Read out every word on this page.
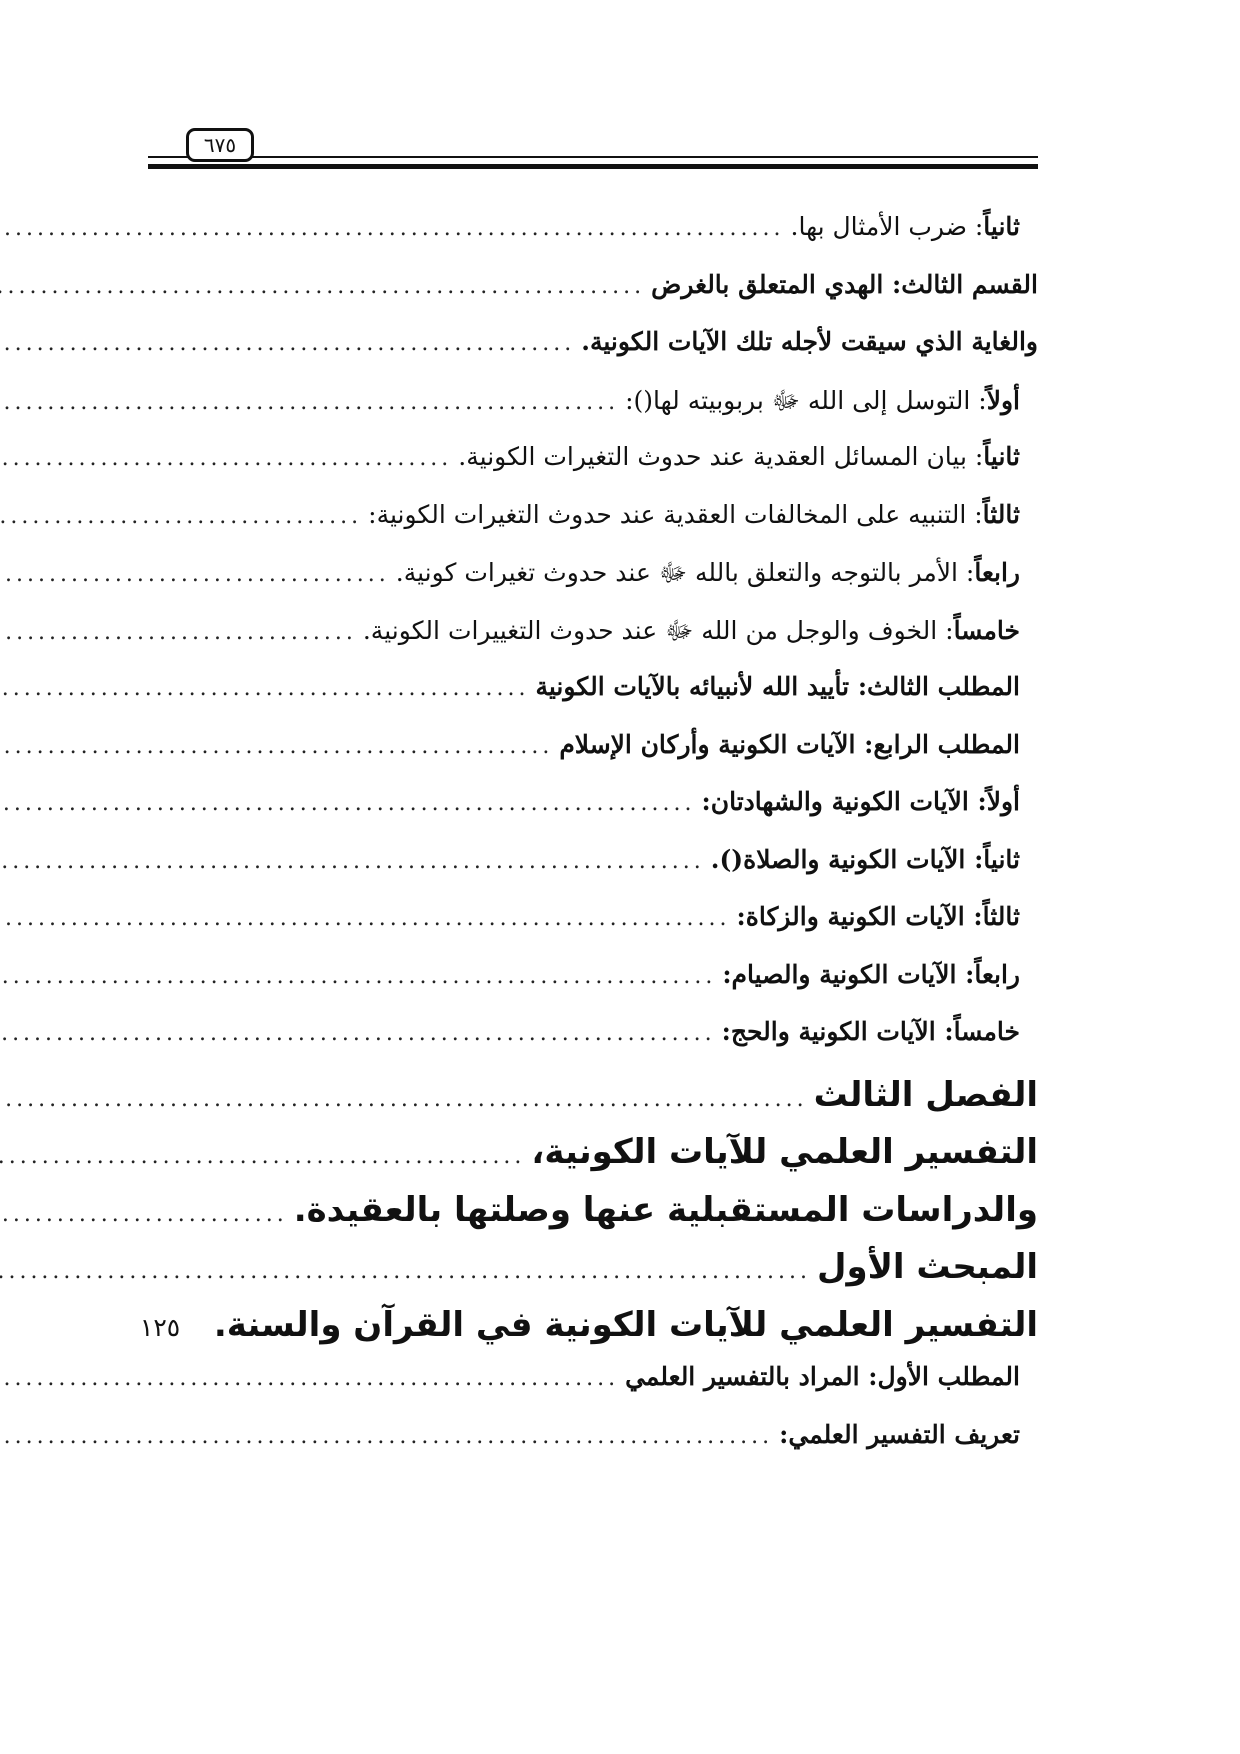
٦٧٥
ثانياً: ضرب الأمثال بها.
.....
القسم الثالث: الهدي المتعلق بالغرض
.....
والغاية الذي سيقت لأجله تلك الآيات الكونية.
.....
أولاً: التوسل إلى الله ﷻ بربوبيته لها():
.....
ثانياً: بيان المسائل العقدية عند حدوث التغيرات الكونية.
.....
ثالثاً: التنبيه على المخالفات العقدية عند حدوث التغيرات الكونية:
.....
رابعاً: الأمر بالتوجه والتعلق بالله ﷻ عند حدوث تغيرات كونية.
.....
خامساً: الخوف والوجل من الله ﷻ عند حدوث التغييرات الكونية.
.....
المطلب الثالث: تأييد الله لأنبيائه بالآيات الكونية
.....
المطلب الرابع: الآيات الكونية وأركان الإسلام
.....
أولاً: الآيات الكونية والشهادتان:
.....
ثانياً: الآيات الكونية والصلاة().
.....
ثالثاً: الآيات الكونية والزكاة:
.....
رابعاً: الآيات الكونية والصيام:
.....
خامساً: الآيات الكونية والحج:
.....
الفصل الثالث
.....
التفسير العلمي للآيات الكونية،
.....
والدراسات المستقبلية عنها وصلتها بالعقيدة.
.....
المبحث الأول
.....
التفسير العلمي للآيات الكونية في القرآن والسنة.
١٢٥
المطلب الأول: المراد بالتفسير العلمي
.....
تعريف التفسير العلمي:
.....
